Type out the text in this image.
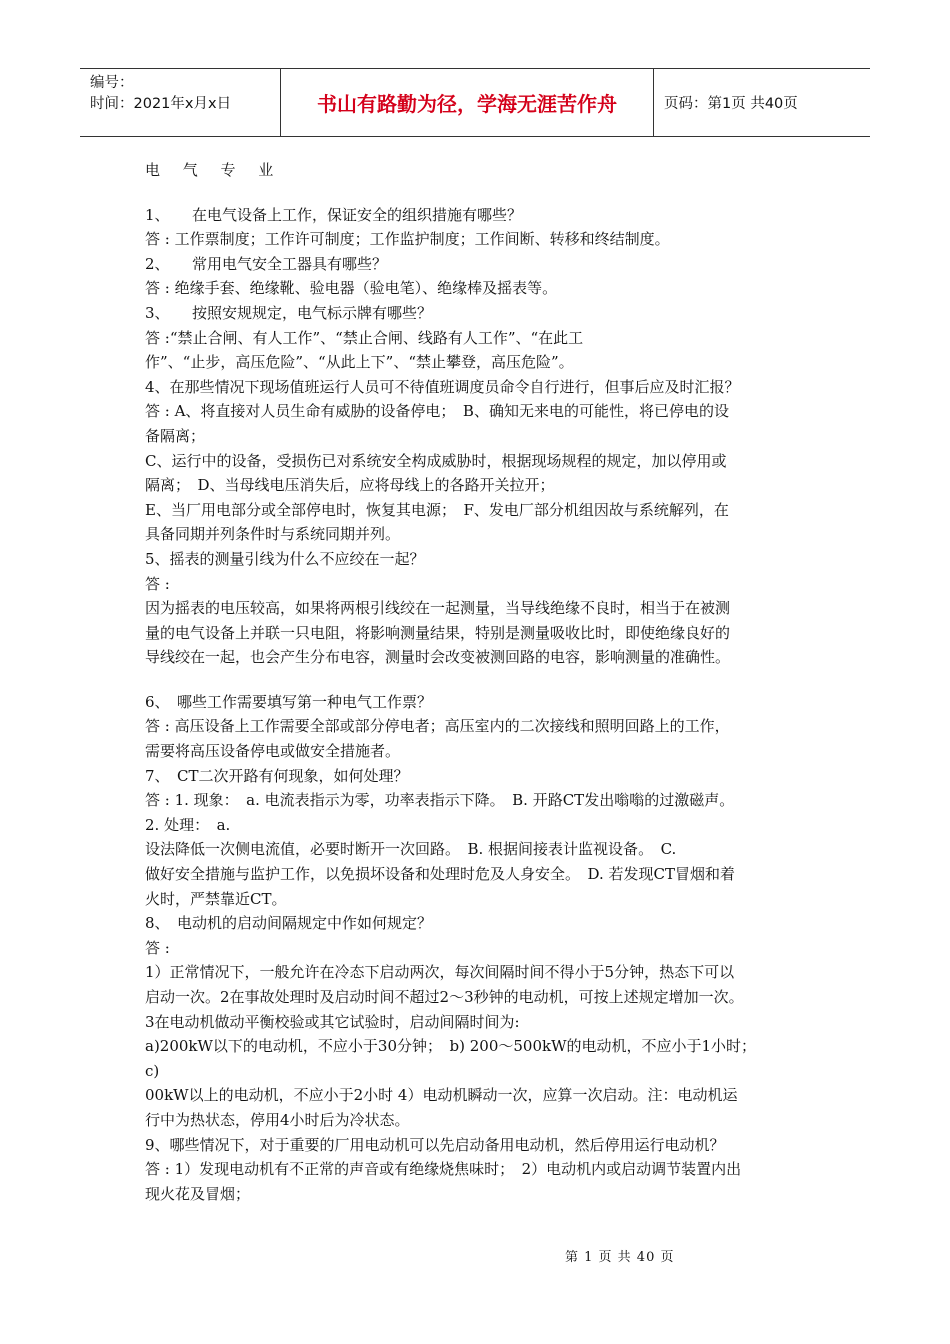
编号：
时间：2021年x月x日	书山有路勤为径，学海无涯苦作舟	页码：第1页 共40页

电 气 专 业

1、　　在电气设备上工作，保证安全的组织措施有哪些？

答 : 工作票制度；工作许可制度；工作监护制度；工作间断、转移和终结制度。

2、　　常用电气安全工器具有哪些？

答 : 绝缘手套、绝缘靴、验电器（验电笔）、绝缘棒及摇表等。

3、　　按照安规规定，电气标示牌有哪些？

答 :“禁止合闸、有人工作”、“禁止合闸、线路有人工作”、“在此工

作”、“止步，高压危险”、“从此上下”、“禁止攀登，高压危险”。

4、在那些情况下现场值班运行人员可不待值班调度员命令自行进行，但事后应及时汇报？

答 : A、将直接对人员生命有威胁的设备停电；　B、确知无来电的可能性，将已停电的设

备隔离；

C、运行中的设备，受损伤已对系统安全构成威胁时，根据现场规程的规定，加以停用或

隔离；　D、当母线电压消失后，应将母线上的各路开关拉开；

E、当厂用电部分或全部停电时，恢复其电源；　F、发电厂部分机组因故与系统解列，在

具备同期并列条件时与系统同期并列。

5、摇表的测量引线为什么不应绞在一起？

答 :

因为摇表的电压较高，如果将两根引线绞在一起测量，当导线绝缘不良时，相当于在被测

量的电气设备上并联一只电阻，将影响测量结果，特别是测量吸收比时，即使绝缘良好的

导线绞在一起，也会产生分布电容，测量时会改变被测回路的电容，影响测量的准确性。

6、　哪些工作需要填写第一种电气工作票？

答 : 高压设备上工作需要全部或部分停电者；高压室内的二次接线和照明回路上的工作，

需要将高压设备停电或做安全措施者。

7、　CT二次开路有何现象，如何处理？

答 : 1. 现象：　a. 电流表指示为零，功率表指示下降。　B. 开路CT发出嗡嗡的过激磁声。

2. 处理：　a.

设法降低一次侧电流值，必要时断开一次回路。　B. 根据间接表计监视设备。　C.

做好安全措施与监护工作，以免损坏设备和处理时危及人身安全。　D. 若发现CT冒烟和着

火时，严禁靠近CT。

8、　电动机的启动间隔规定中作如何规定？

答 :

1）正常情况下，一般允许在冷态下启动两次，每次间隔时间不得小于5分钟，热态下可以

启动一次。2在事故处理时及启动时间不超过2～3秒钟的电动机，可按上述规定增加一次。

3在电动机做动平衡校验或其它试验时，启动间隔时间为:

a)200kW以下的电动机，不应小于30分钟；　b) 200～500kW的电动机，不应小于1小时；

c)

00kW以上的电动机，不应小于2小时 4）电动机瞬动一次，应算一次启动。注：电动机运

行中为热状态，停用4小时后为冷状态。

9、哪些情况下，对于重要的厂用电动机可以先启动备用电动机，然后停用运行电动机？

答 : 1）发现电动机有不正常的声音或有绝缘烧焦味时；　2）电动机内或启动调节装置内出

现火花及冒烟；

第 1 页 共 40 页
